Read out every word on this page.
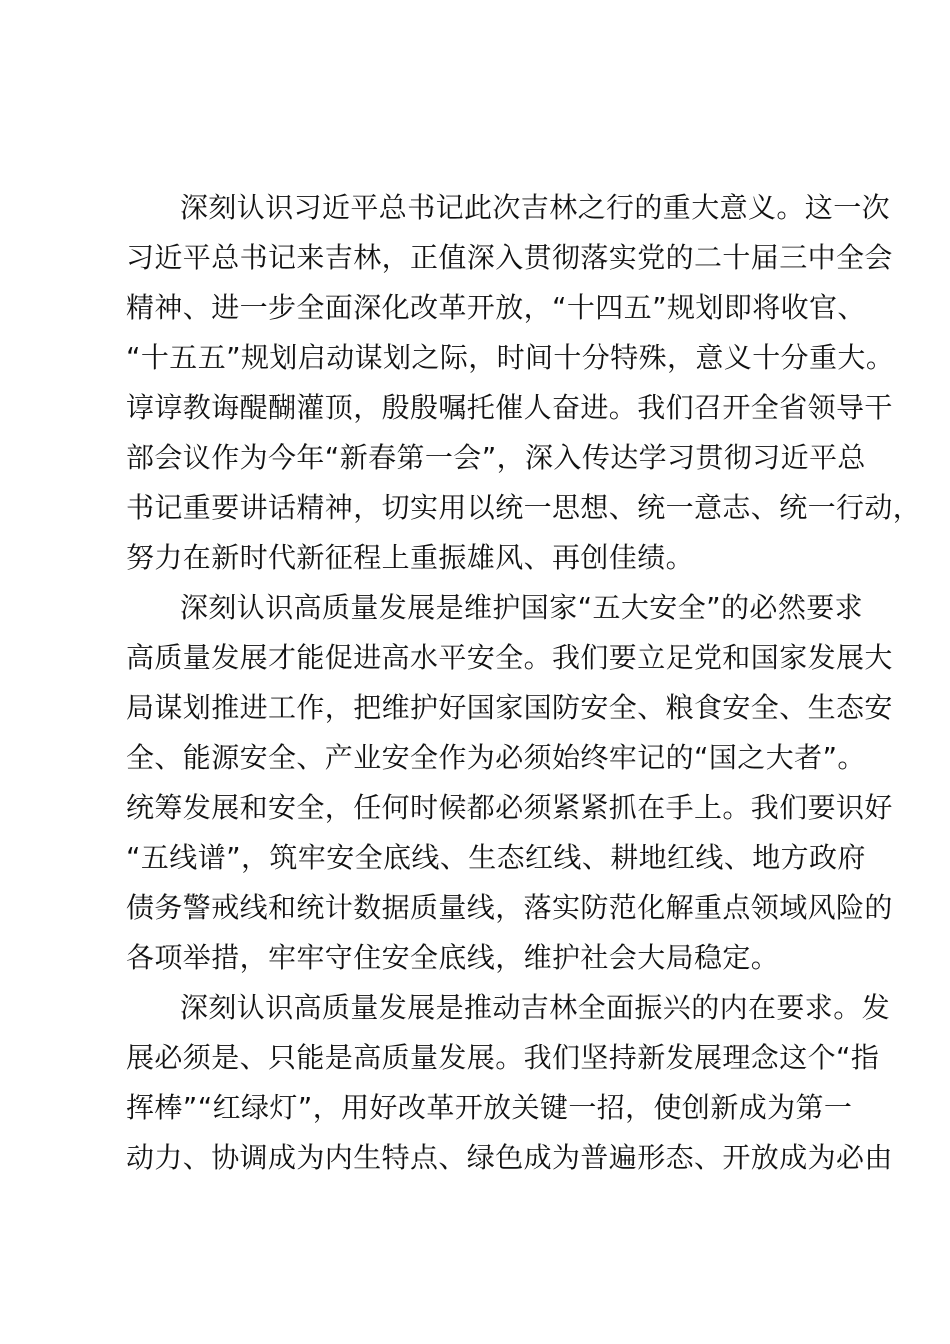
深刻认识习近平总书记此次吉林之行的重大意义。这一次
习近平总书记来吉林，正值深入贯彻落实党的二十届三中全会
精神、进一步全面深化改革开放，“十四五”规划即将收官、
“十五五”规划启动谋划之际，时间十分特殊，意义十分重大。
谆谆教诲醍醐灌顶，殷殷嘱托催人奋进。我们召开全省领导干
部会议作为今年“新春第一会”，深入传达学习贯彻习近平总
书记重要讲话精神，切实用以统一思想、统一意志、统一行动，
努力在新时代新征程上重振雄风、再创佳绩。
深刻认识高质量发展是维护国家“五大安全”的必然要求
高质量发展才能促进高水平安全。我们要立足党和国家发展大
局谋划推进工作，把维护好国家国防安全、粮食安全、生态安
全、能源安全、产业安全作为必须始终牢记的“国之大者”。
统筹发展和安全，任何时候都必须紧紧抓在手上。我们要识好
“五线谱”，筑牢安全底线、生态红线、耕地红线、地方政府
债务警戒线和统计数据质量线，落实防范化解重点领域风险的
各项举措，牢牢守住安全底线，维护社会大局稳定。
深刻认识高质量发展是推动吉林全面振兴的内在要求。发
展必须是、只能是高质量发展。我们坚持新发展理念这个“指
挥棒”“红绿灯”，用好改革开放关键一招，使创新成为第一
动力、协调成为内生特点、绿色成为普遍形态、开放成为必由
